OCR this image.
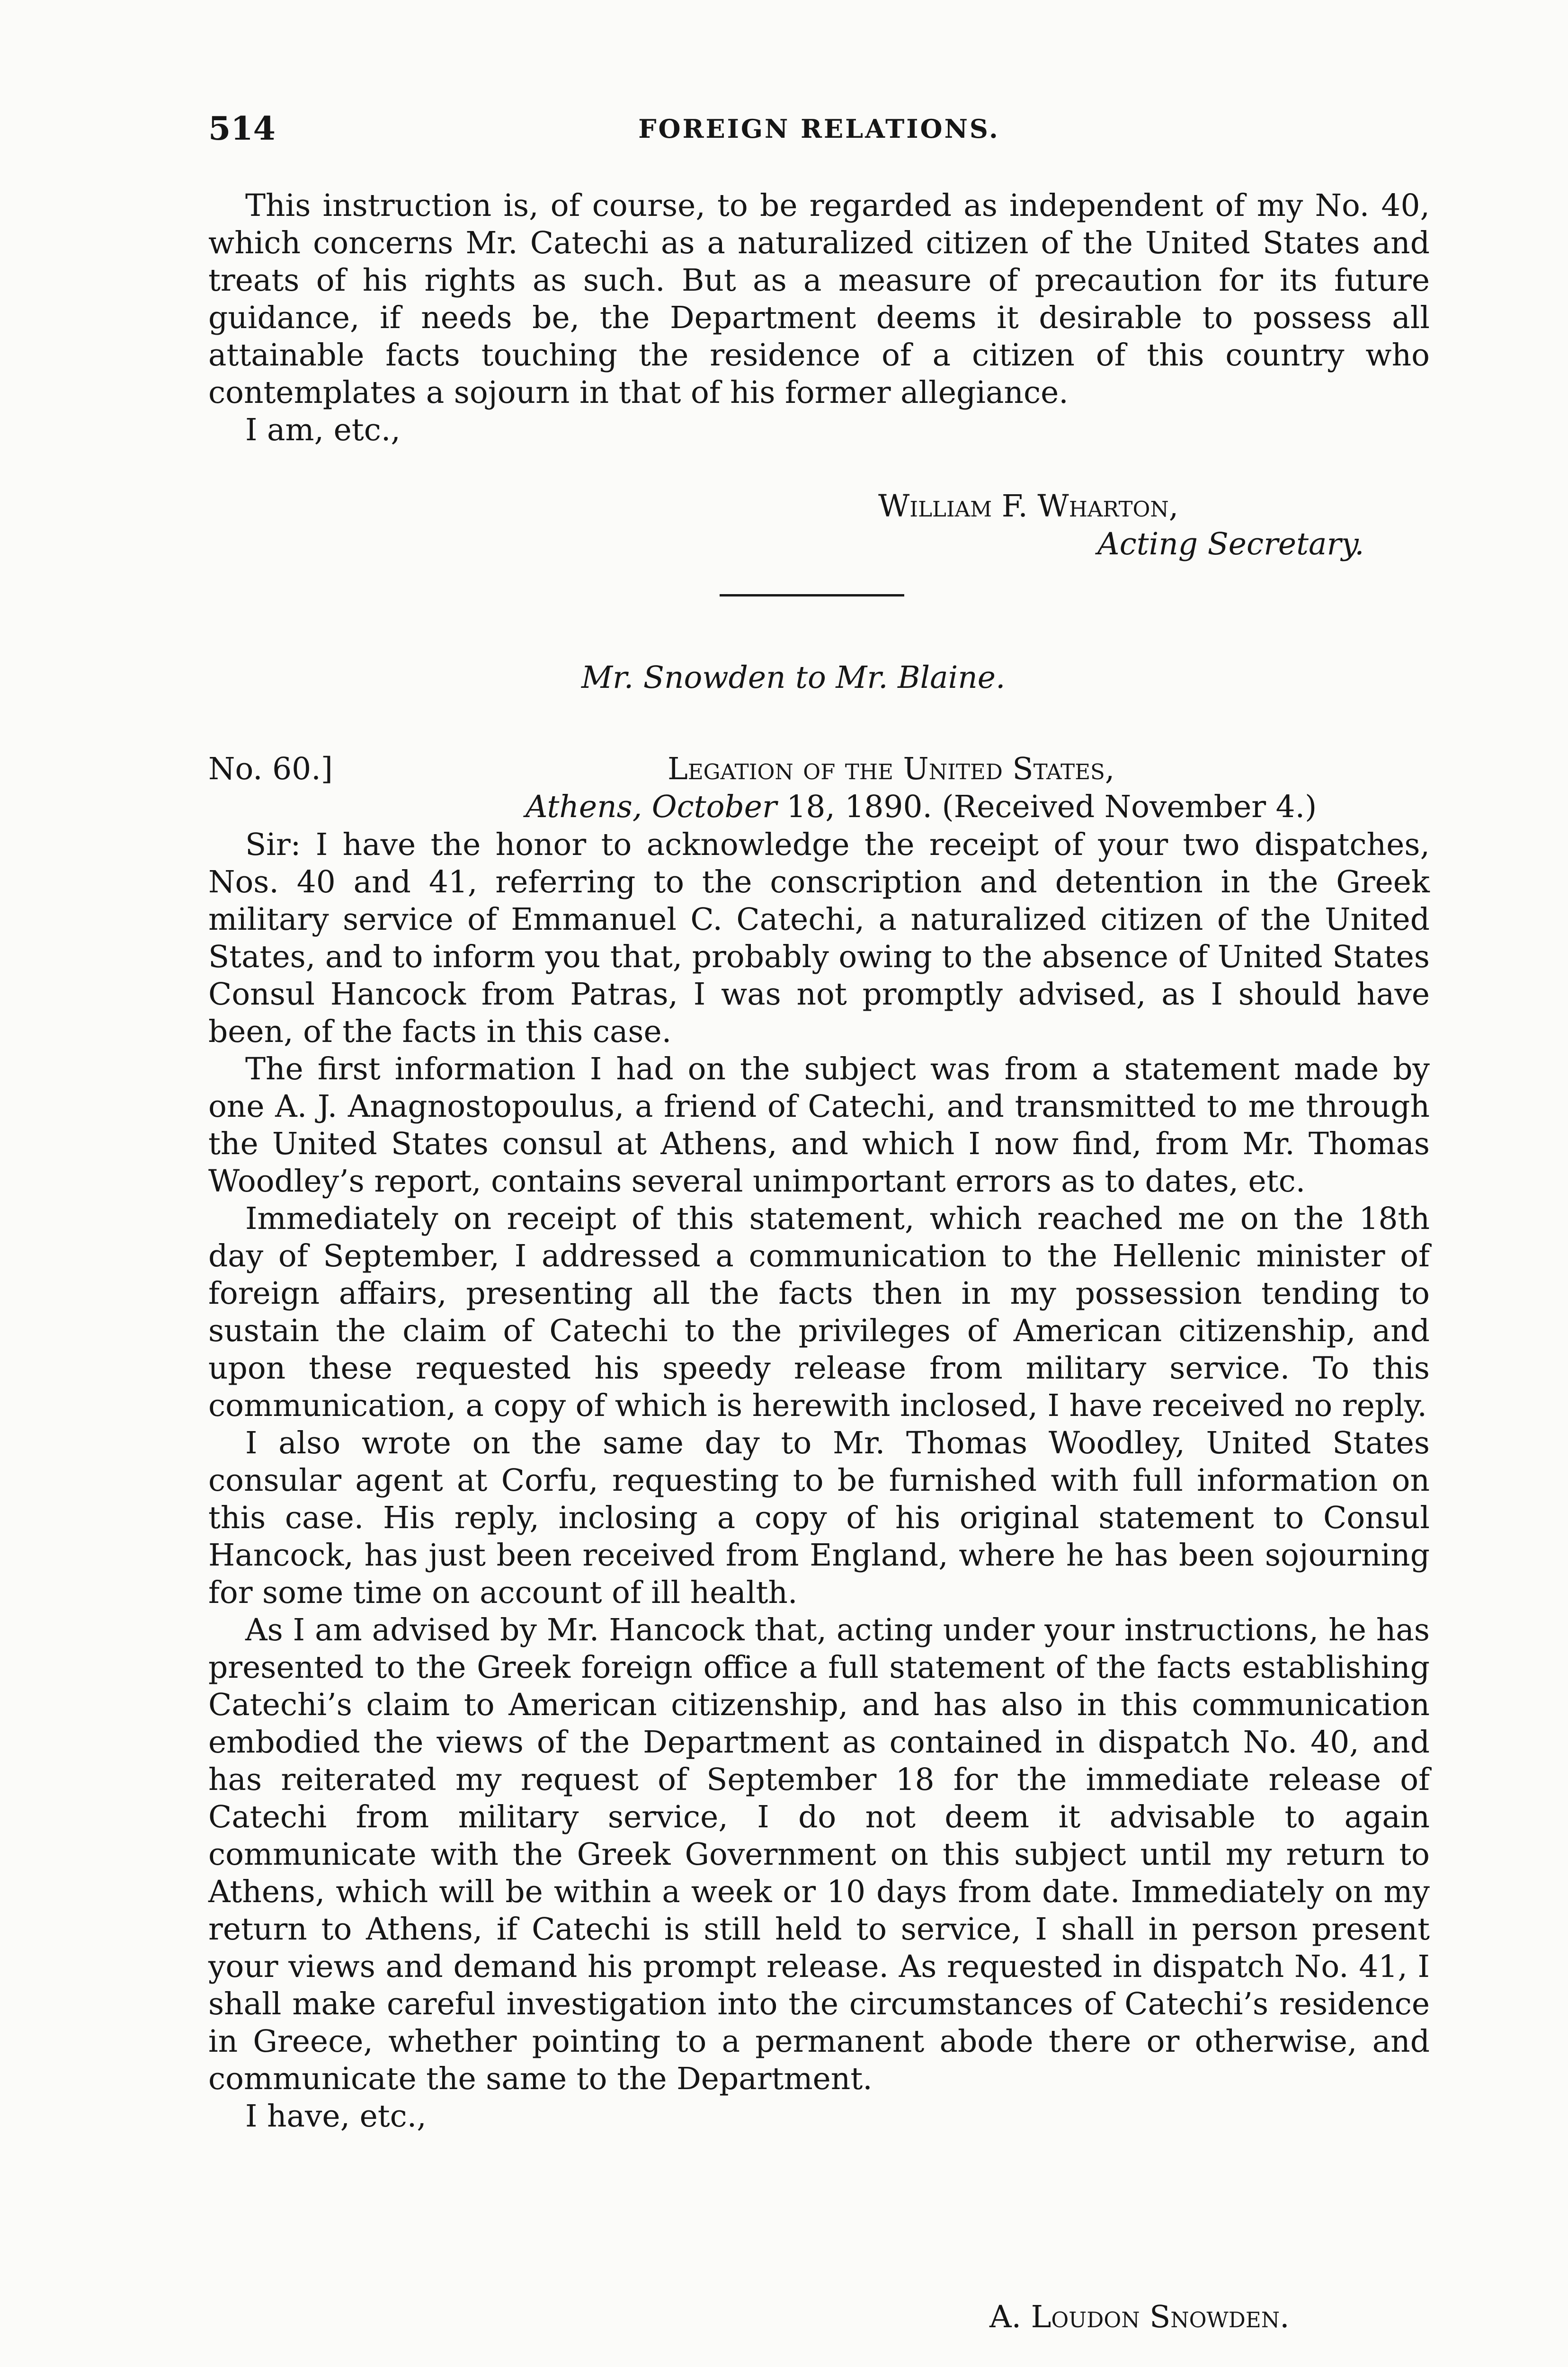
514	FOREIGN RELATIONS.

This instruction is, of course, to be regarded as independent of my No. 40, which concerns Mr. Catechi as a naturalized citizen of the United States and treats of his rights as such. But as a measure of precaution for its future guidance, if needs be, the Department deems it desirable to possess all attainable facts touching the residence of a citizen of this country who contemplates a sojourn in that of his former allegiance.

I am, etc.,

William F. Wharton,
Acting Secretary.
Mr. Snowden to Mr. Blaine.
No. 60.]	Legation of the United States,
Athens, October 18, 1890. (Received November 4.)

Sir: I have the honor to acknowledge the receipt of your two dispatches, Nos. 40 and 41, referring to the conscription and detention in the Greek military service of Emmanuel C. Catechi, a naturalized citizen of the United States, and to inform you that, probably owing to the absence of United States Consul Hancock from Patras, I was not promptly advised, as I should have been, of the facts in this case.

The first information I had on the subject was from a statement made by one A. J. Anagnostopoulus, a friend of Catechi, and transmitted to me through the United States consul at Athens, and which I now find, from Mr. Thomas Woodley’s report, contains several unimportant errors as to dates, etc.

Immediately on receipt of this statement, which reached me on the 18th day of September, I addressed a communication to the Hellenic minister of foreign affairs, presenting all the facts then in my possession tending to sustain the claim of Catechi to the privileges of American citizenship, and upon these requested his speedy release from military service. To this communication, a copy of which is herewith inclosed, I have received no reply.

I also wrote on the same day to Mr. Thomas Woodley, United States consular agent at Corfu, requesting to be furnished with full information on this case. His reply, inclosing a copy of his original statement to Consul Hancock, has just been received from England, where he has been sojourning for some time on account of ill health.

As I am advised by Mr. Hancock that, acting under your instructions, he has presented to the Greek foreign office a full statement of the facts establishing Catechi’s claim to American citizenship, and has also in this communication embodied the views of the Department as contained in dispatch No. 40, and has reiterated my request of September 18 for the immediate release of Catechi from military service, I do not deem it advisable to again communicate with the Greek Government on this subject until my return to Athens, which will be within a week or 10 days from date. Immediately on my return to Athens, if Catechi is still held to service, I shall in person present your views and demand his prompt release. As requested in dispatch No. 41, I shall make careful investigation into the circumstances of Catechi’s residence in Greece, whether pointing to a permanent abode there or otherwise, and communicate the same to the Department.

I have, etc.,

A. Loudon Snowden.
